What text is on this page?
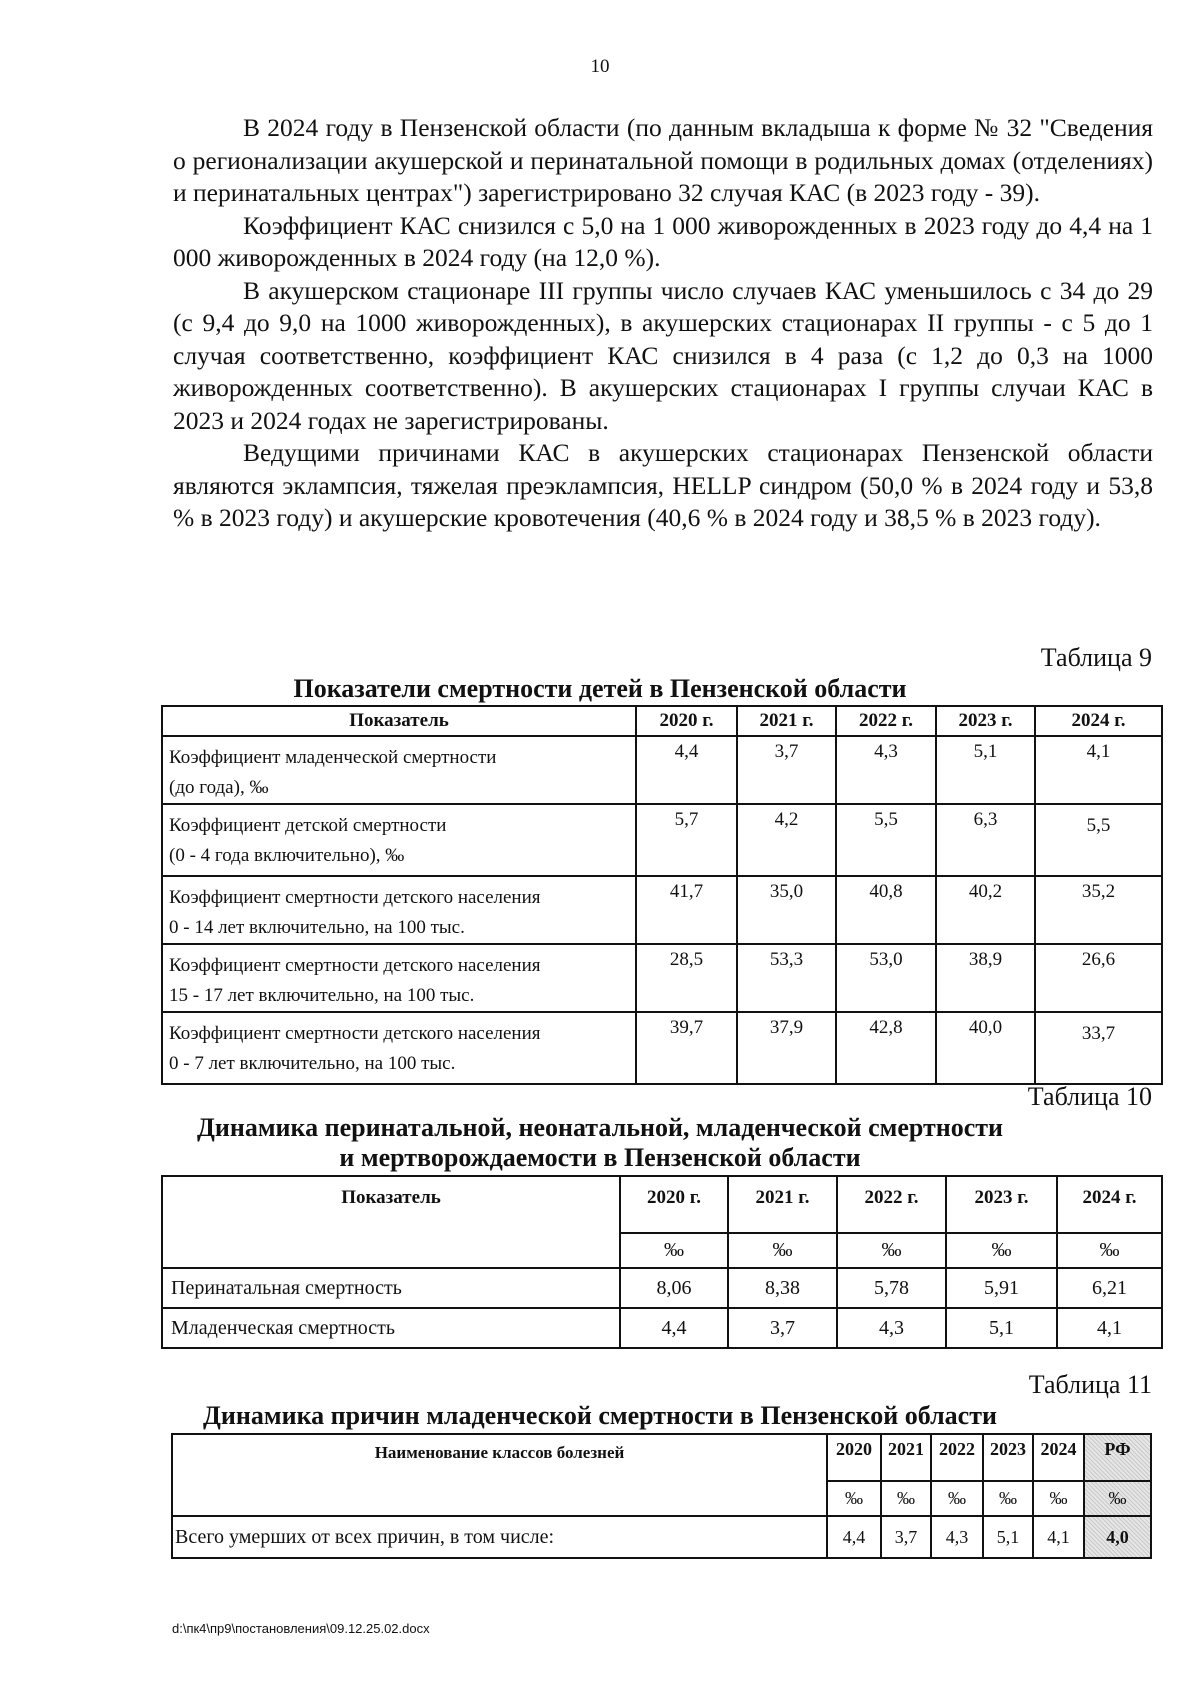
10

В 2024 году в Пензенской области (по данным вкладыша к форме № 32 "Сведения о регионализации акушерской и перинатальной помощи в родильных домах (отделениях) и перинатальных центрах") зарегистрировано 32 случая КАС (в 2023 году - 39).

Коэффициент КАС снизился с 5,0 на 1 000 живорожденных в 2023 году до 4,4 на 1 000 живорожденных в 2024 году (на 12,0 %).

В акушерском стационаре III группы число случаев КАС уменьшилось с 34 до 29 (с 9,4 до 9,0 на 1000 живорожденных), в акушерских стационарах II группы - с 5 до 1 случая соответственно, коэффициент КАС снизился в 4 раза (с 1,2 до 0,3 на 1000 живорожденных соответственно). В акушерских стационарах I группы случаи КАС в 2023 и 2024 годах не зарегистрированы.

Ведущими причинами КАС в акушерских стационарах Пензенской области являются эклампсия, тяжелая преэклампсия, HELLP синдром (50,0 % в 2024 году и 53,8 % в 2023 году) и акушерские кровотечения (40,6 % в 2024 году и 38,5 % в 2023 году).

Таблица 9
Показатели смертности детей в Пензенской области
Показатель	2020 г.	2021 г.	2022 г.	2023 г.	2024 г.
Коэффициент младенческой смертности
(до года), ‰	4,4	3,7	4,3	5,1	4,1
Коэффициент детской смертности
(0 - 4 года включительно), ‰	5,7	4,2	5,5	6,3	5,5
Коэффициент смертности детского населения
0 - 14 лет включительно, на 100 тыс.	41,7	35,0	40,8	40,2	35,2
Коэффициент смертности детского населения
15 - 17 лет включительно, на 100 тыс.	28,5	53,3	53,0	38,9	26,6
Коэффициент смертности детского населения
0 - 7 лет включительно, на 100 тыс.	39,7	37,9	42,8	40,0	33,7
Таблица 10
Динамика перинатальной, неонатальной, младенческой смертности
и мертворождаемости в Пензенской области
Показатель	2020 г.	2021 г.	2022 г.	2023 г.	2024 г.
	‰	‰	‰	‰	‰
Перинатальная смертность	8,06	8,38	5,78	5,91	6,21
Младенческая смертность	4,4	3,7	4,3	5,1	4,1
Таблица 11
Динамика причин младенческой смертности в Пензенской области
Наименование классов болезней	2020	2021	2022	2023	2024	РФ
	‰	‰	‰	‰	‰	‰
Всего умерших от всех причин, в том числе:	4,4	3,7	4,3	5,1	4,1	4,0
d:\пк4\пр9\постановления\09.12.25.02.docx
